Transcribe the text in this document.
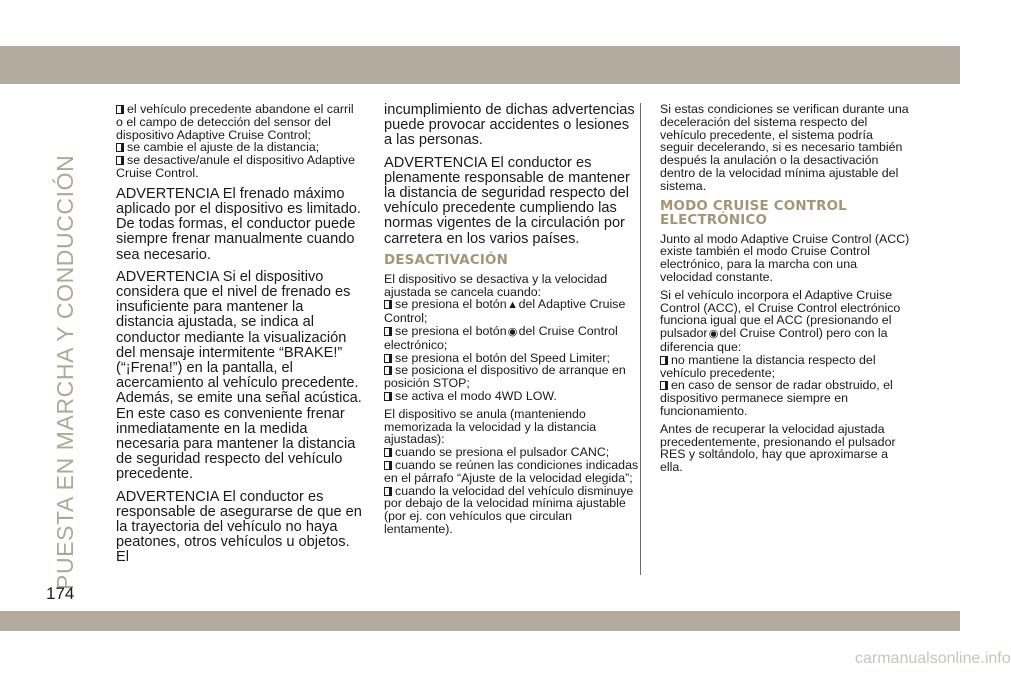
PUESTA EN MARCHA Y CONDUCCIÓN
174
el vehículo precedente abandone el carril o el campo de detección del sensor del dispositivo Adaptive Cruise Control;
se cambie el ajuste de la distancia;
se desactive/anule el dispositivo Adaptive Cruise Control.

ADVERTENCIA El frenado máximo aplicado por el dispositivo es limitado. De todas formas, el conductor puede siempre frenar manualmente cuando sea necesario.

ADVERTENCIA Si el dispositivo considera que el nivel de frenado es insuficiente para mantener la distancia ajustada, se indica al conductor mediante la visualización del mensaje intermitente “BRAKE!” (“¡Frena!”) en la pantalla, el acercamiento al vehículo precedente. Además, se emite una señal acústica. En este caso es conveniente frenar inmediatamente en la medida necesaria para mantener la distancia de seguridad respecto del vehículo precedente.

ADVERTENCIA El conductor es responsable de asegurarse de que en la trayectoria del vehículo no haya peatones, otros vehículos u objetos. El

incumplimiento de dichas advertencias puede provocar accidentes o lesiones a las personas.

ADVERTENCIA El conductor es plenamente responsable de mantener la distancia de seguridad respecto del vehículo precedente cumpliendo las normas vigentes de la circulación por carretera en los varios países.

DESACTIVACIÓN

El dispositivo se desactiva y la velocidad ajustada se cancela cuando:

se presiona el botón▲del Adaptive Cruise Control;
se presiona el botón◉del Cruise Control electrónico;
se presiona el botón del Speed Limiter;
se posiciona el dispositivo de arranque en posición STOP;
se activa el modo 4WD LOW.

El dispositivo se anula (manteniendo memorizada la velocidad y la distancia ajustadas):

cuando se presiona el pulsador CANC;
cuando se reúnen las condiciones indicadas en el párrafo “Ajuste de la velocidad elegida”;
cuando la velocidad del vehículo disminuye por debajo de la velocidad mínima ajustable (por ej. con vehículos que circulan lentamente).

Si estas condiciones se verifican durante una deceleración del sistema respecto del vehículo precedente, el sistema podría seguir decelerando, si es necesario también después la anulación o la desactivación dentro de la velocidad mínima ajustable del sistema.

MODO CRUISE CONTROL ELECTRÓNICO

Junto al modo Adaptive Cruise Control (ACC) existe también el modo Cruise Control electrónico, para la marcha con una velocidad constante.

Si el vehículo incorpora el Adaptive Cruise Control (ACC), el Cruise Control electrónico funciona igual que el ACC (presionando el pulsador◉del Cruise Control) pero con la diferencia que:

no mantiene la distancia respecto del vehículo precedente;
en caso de sensor de radar obstruido, el dispositivo permanece siempre en funcionamiento.

Antes de recuperar la velocidad ajustada precedentemente, presionando el pulsador RES y soltándolo, hay que aproximarse a ella.

carmanualsonline.info
